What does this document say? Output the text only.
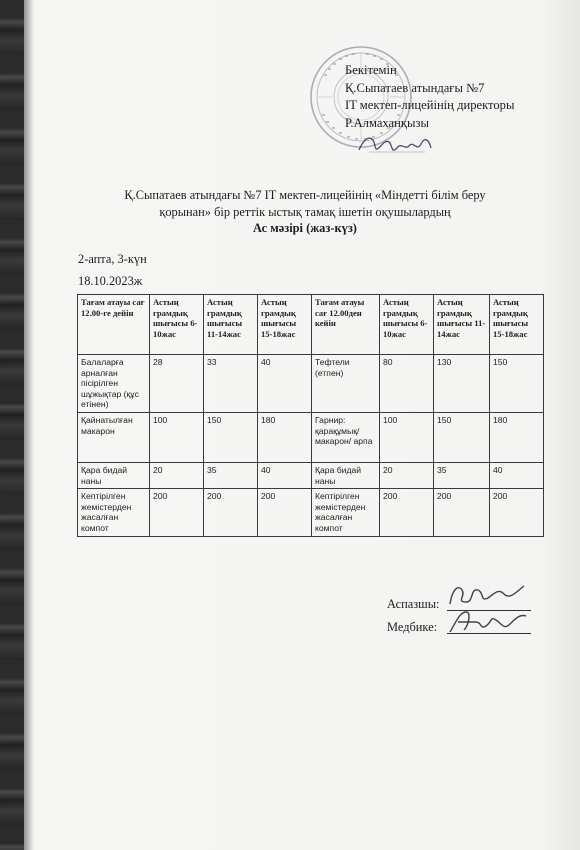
Бекітемін
Қ.Сыпатаев атындағы №7
IT мектеп-лицейінің директоры
Р.Алмаханқызы
Қ.Сыпатаев атындағы №7 IT мектеп-лицейінің «Міндетті білім беру
қорынан» бір реттік ыстық тамақ ішетін оқушылардың
Ас мәзірі (жаз-күз)
2-апта, 3-күн
18.10.2023ж
Тағам атауы сағ 12.00-ге дейін	Астың грамдық шығысы 6-10жас	Астың грамдық шығысы 11-14жас	Астың грамдық шығысы 15-18жас	Тағам атауы сағ 12.00ден кейін	Астың грамдық шығысы 6-10жас	Астың грамдық шығысы 11-14жас	Астың грамдық шығысы 15-18жас
Балаларға арналған пісірілген шұжықтар (құс етінен)	28	33	40	Тефтели (етпен)	80	130	150
Қайнатылған макарон	100	150	180	Гарнир: қарақұмық/ макарон/ арпа	100	150	180
Қара бидай наны	20	35	40	Қара бидай наны	20	35	40
Кептірілген жемістерден жасалған компот	200	200	200	Кептірілген жемістерден жасалған компот	200	200	200
Аспазшы:
Медбике:
